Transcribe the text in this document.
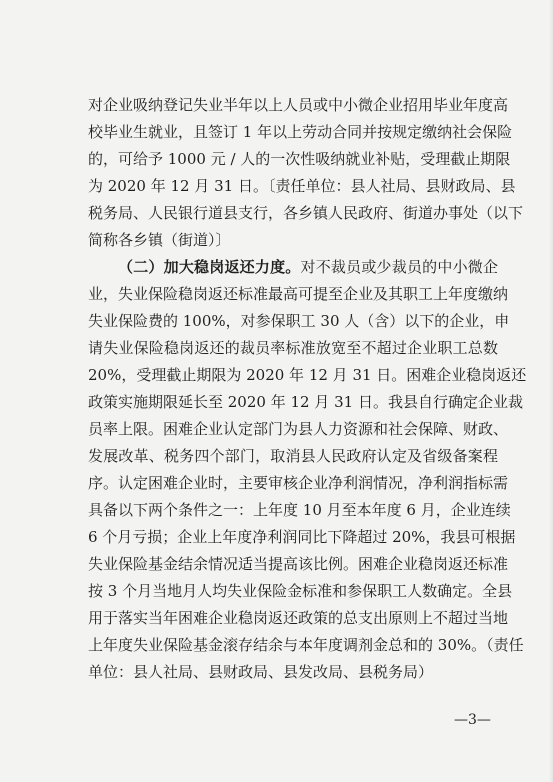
对企业吸纳登记失业半年以上人员或中小微企业招用毕业年度高
校毕业生就业，且签订 1 年以上劳动合同并按规定缴纳社会保险
的，可给予 1000 元 / 人的一次性吸纳就业补贴，受理截止期限
为 2020 年 12 月 31 日。〔责任单位：县人社局、县财政局、县
税务局、人民银行道县支行，各乡镇人民政府、街道办事处（以下
简称各乡镇（街道）〕
（二）加大稳岗返还力度。对不裁员或少裁员的中小微企
业，失业保险稳岗返还标准最高可提至企业及其职工上年度缴纳
失业保险费的 100%，对参保职工 30 人（含）以下的企业，申
请失业保险稳岗返还的裁员率标准放宽至不超过企业职工总数
20%，受理截止期限为 2020 年 12 月 31 日。困难企业稳岗返还
政策实施期限延长至 2020 年 12 月 31 日。我县自行确定企业裁
员率上限。困难企业认定部门为县人力资源和社会保障、财政、
发展改革、税务四个部门，取消县人民政府认定及省级备案程
序。认定困难企业时，主要审核企业净利润情况，净利润指标需
具备以下两个条件之一：上年度 10 月至本年度 6 月，企业连续
6 个月亏损；企业上年度净利润同比下降超过 20%，我县可根据
失业保险基金结余情况适当提高该比例。困难企业稳岗返还标准
按 3 个月当地月人均失业保险金标准和参保职工人数确定。全县
用于落实当年困难企业稳岗返还政策的总支出原则上不超过当地
上年度失业保险基金滚存结余与本年度调剂金总和的 30%。（责任
单位：县人社局、县财政局、县发改局、县税务局）
—3—
